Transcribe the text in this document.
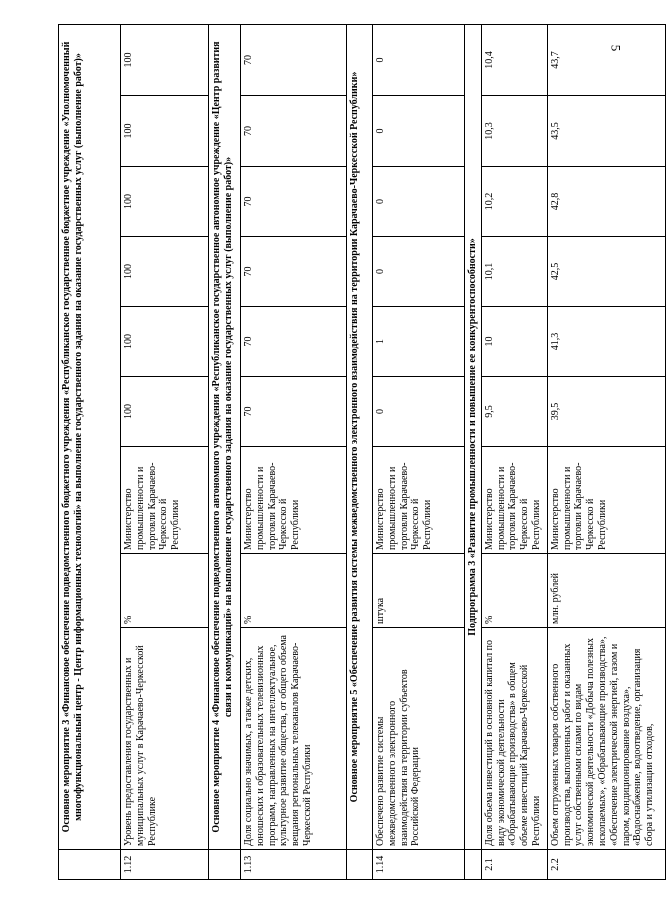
5
	Основное мероприятие 3 «Финансовое обеспечение подведомственного бюджетного учреждения «Республиканское государственное бюджетное учреждение «Уполномоченный многофункциональный центр - Центр информационных технологий» на выполнение государственного задания на оказание государственных услуг (выполнение работ)»								
1.12	Уровень предоставления государственных и муниципальных услуг в Карачаево-Черкесской Республике	%	Министерство промышленности и торговли Карачаево-Черкесско й Республики	100	100	100	100	100	100
	Основное мероприятие 4 «Финансовое обеспечение подведомственного автономного учреждения «Республиканское государственное автономное учреждение «Центр развития связи и коммуникаций» на выполнение государственного задания на оказание государственных услуг (выполнение работ)»								
1.13	Доля социально значимых, а также детских, юношеских и образовательных телевизионных программ, направленных на интеллектуальное, культурное развитие общества, от общего объема вещания региональных телеканалов Карачаево-Черкесской Республики	%	Министерство промышленности и торговли Карачаево-Черкесско й Республики	70	70	70	70	70	70
	Основное мероприятие 5 «Обеспечение развития системы межведомственного электронного взаимодействия на территории Карачаево-Черкесской Республики»								
1.14	Обеспечено развитие системы межведомственного электронного взаимодействия на территории субъектов Российской Федерации	штука	Министерство промышленности и торговли Карачаево-Черкесско й Республики	0	1	0	0	0	0
	Подпрограмма 3 «Развитие промышленности и повышение ее конкурентоспособности»								
2.1	Доля объема инвестиций в основной капитал по виду экономической деятельности «Обрабатывающие производства» в общем объеме инвестиций Карачаево-Черкесской Республики	%	Министерство промышленности и торговли Карачаево-Черкесско й Республики	9,5	10	10,1	10,2	10,3	10,4
2.2	Объем отгруженных товаров собственного производства, выполненных работ и оказанных услуг собственными силами по видам экономической деятельности «Добыча полезных ископаемых», «Обрабатывающие производства», «Обеспечение электрической энергией, газом и паром, кондиционирование воздуха», «Водоснабжение, водоотведение, организация сбора и утилизации отходов,	млн. рублей	Министерство промышленности и торговли Карачаево-Черкесско й Республики	39,5	41,3	42,5	42,8	43,5	43,7
